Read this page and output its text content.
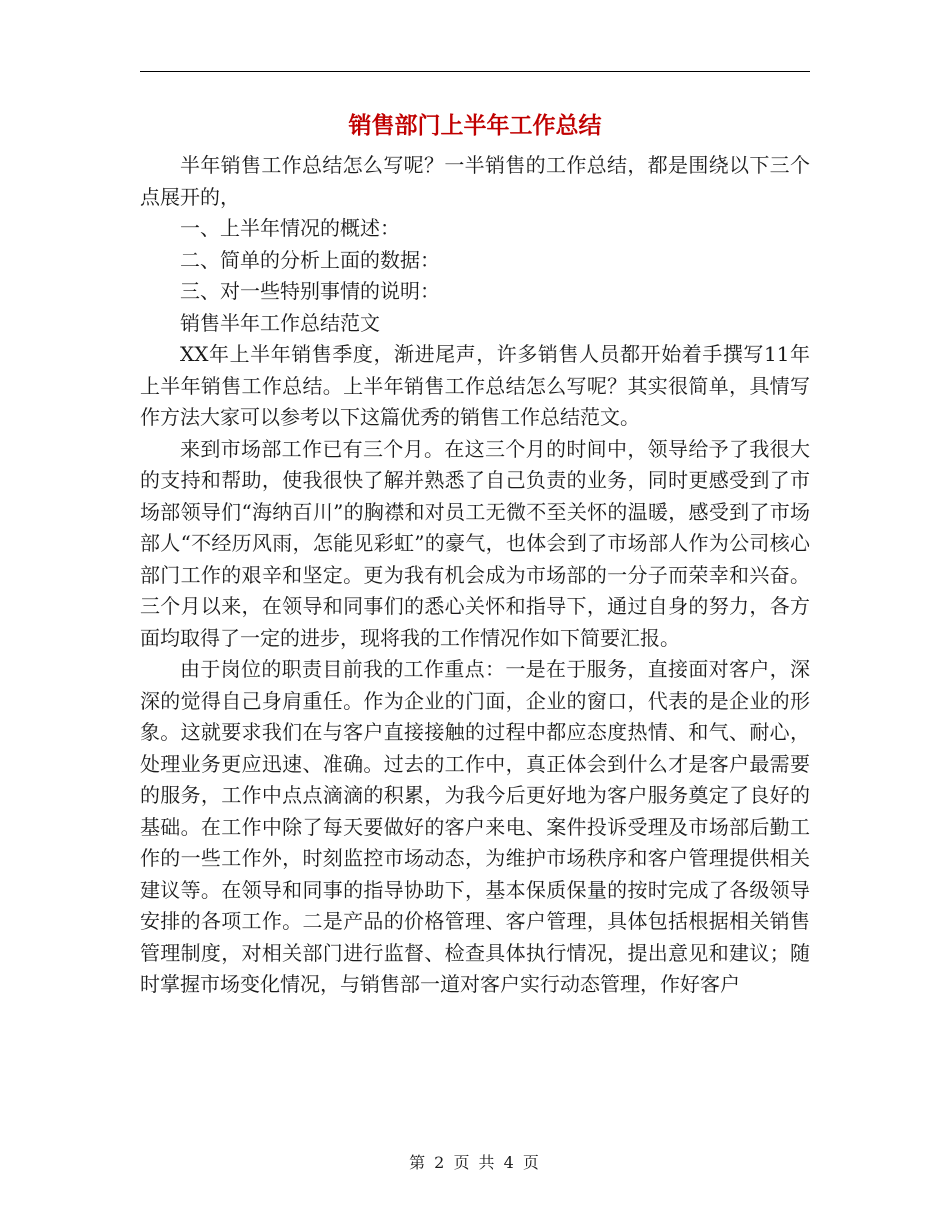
销售部门上半年工作总结

半年销售工作总结怎么写呢？一半销售的工作总结，都是围绕以下三个点展开的，

一、上半年情况的概述：

二、简单的分析上面的数据：

三、对一些特别事情的说明：

销售半年工作总结范文

XX年上半年销售季度，渐进尾声，许多销售人员都开始着手撰写11年上半年销售工作总结。上半年销售工作总结怎么写呢？其实很简单，具情写作方法大家可以参考以下这篇优秀的销售工作总结范文。

来到市场部工作已有三个月。在这三个月的时间中，领导给予了我很大的支持和帮助，使我很快了解并熟悉了自己负责的业务，同时更感受到了市场部领导们“海纳百川”的胸襟和对员工无微不至关怀的温暖，感受到了市场部人“不经历风雨，怎能见彩虹”的豪气，也体会到了市场部人作为公司核心部门工作的艰辛和坚定。更为我有机会成为市场部的一分子而荣幸和兴奋。三个月以来，在领导和同事们的悉心关怀和指导下，通过自身的努力，各方面均取得了一定的进步，现将我的工作情况作如下简要汇报。

由于岗位的职责目前我的工作重点：一是在于服务，直接面对客户，深深的觉得自己身肩重任。作为企业的门面，企业的窗口，代表的是企业的形象。这就要求我们在与客户直接接触的过程中都应态度热情、和气、耐心，处理业务更应迅速、准确。过去的工作中，真正体会到什么才是客户最需要的服务，工作中点点滴滴的积累，为我今后更好地为客户服务奠定了良好的基础。在工作中除了每天要做好的客户来电、案件投诉受理及市场部后勤工作的一些工作外，时刻监控市场动态，为维护市场秩序和客户管理提供相关建议等。在领导和同事的指导协助下，基本保质保量的按时完成了各级领导安排的各项工作。二是产品的价格管理、客户管理，具体包括根据相关销售管理制度，对相关部门进行监督、检查具体执行情况，提出意见和建议；随时掌握市场变化情况，与销售部一道对客户实行动态管理，作好客户

第 2 页 共 4 页
